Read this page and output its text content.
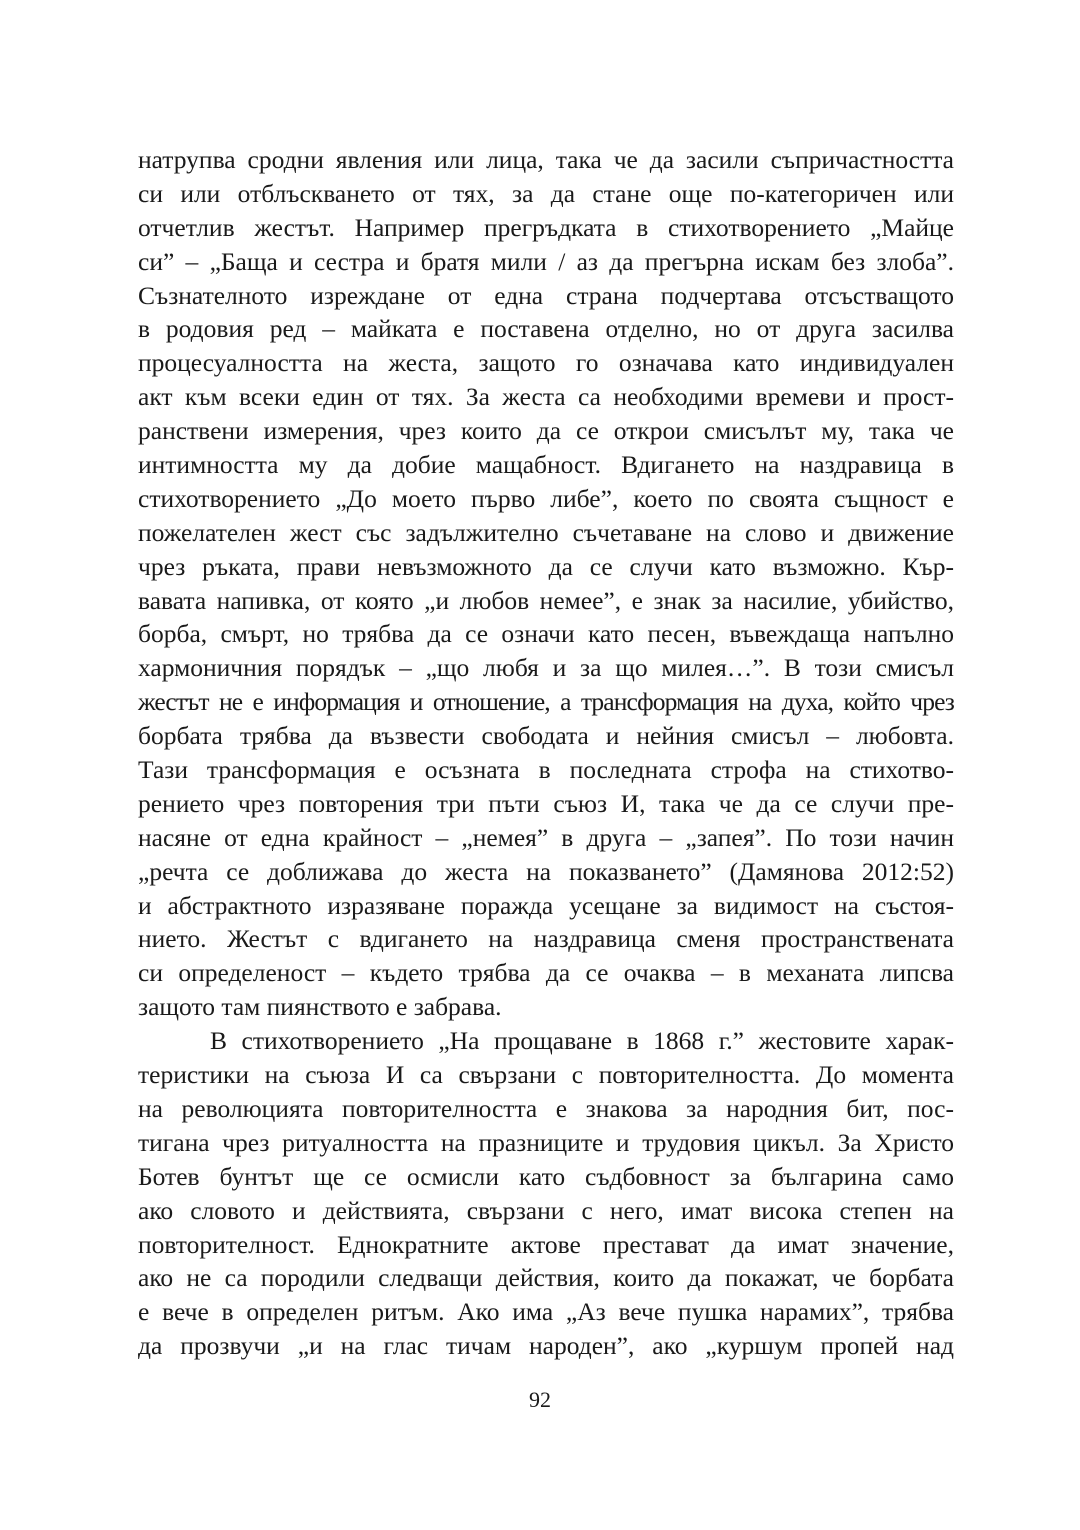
натрупва сродни явления или лица, така че да засили съпричастността
си или отблъскването от тях, за да стане още по-категоричен или
отчетлив жестът. Например прегръдката в стихотворението „Майце
си” – „Баща и сестра и братя мили / аз да прегърна искам без злоба”.
Съзнателното изреждане от една страна подчертава отсъстващото
в родовия ред – майката е поставена отделно, но от друга засилва
процесуалността на жеста, защото го означава като индивидуален
акт към всеки един от тях. За жеста са необходими времеви и прост-
ранствени измерения, чрез които да се открои смисълът му, така че
интимността му да добие мащабност. Вдигането на наздравица в
стихотворението „До моето първо либе”, което по своята същност е
пожелателен жест със задължително съчетаване на слово и движение
чрез ръката, прави невъзможното да се случи като възможно. Кър-
вавата напивка, от която „и любов немее”, е знак за насилие, убийство,
борба, смърт, но трябва да се означи като песен, въвеждаща напълно
хармоничния порядък – „що любя и за що милея…”. В този смисъл
жестът не е информация и отношение, а трансформация на духа, който чрез
борбата трябва да възвести свободата и нейния смисъл – любовта.
Тази трансформация е осъзната в последната строфа на стихотво-
рението чрез повторения три пъти съюз И, така че да се случи пре-
насяне от една крайност – „немея” в друга – „запея”. По този начин
„речта се доближава до жеста на показването” (Дамянова 2012:52)
и абстрактното изразяване поражда усещане за видимост на състоя-
нието. Жестът с вдигането на наздравица сменя пространствената
си определеност – където трябва да се очаква – в механата липсва
защото там пиянството е забрава.
В стихотворението „На прощаване в 1868 г.” жестовите харак-
теристики на съюза И са свързани с повторителността. До момента
на революцията повторителността е знакова за народния бит, пос-
тигана чрез ритуалността на празниците и трудовия цикъл. За Христо
Ботев бунтът ще се осмисли като съдбовност за българина само
ако словото и действията, свързани с него, имат висока степен на
повторителност. Еднократните актове престават да имат значение,
ако не са породили следващи действия, които да покажат, че борбата
е вече в определен ритъм. Ако има „Аз вече пушка нарамих”, трябва
да прозвучи „и на глас тичам народен”, ако „куршум пропей над
92
